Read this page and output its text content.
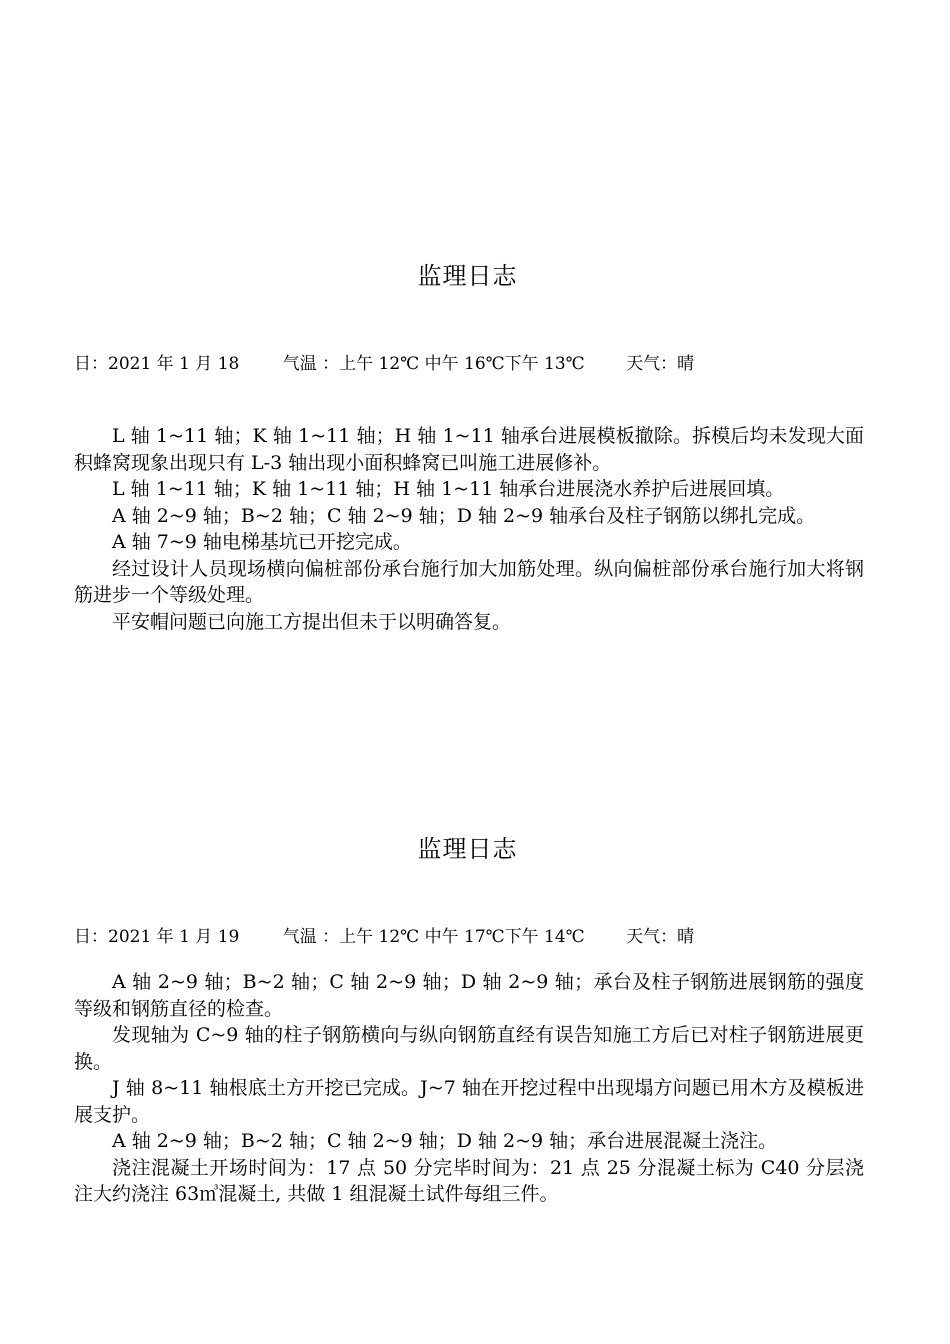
监理日志
日：2021 年 1 月 18	气温 ：上午 12℃ 中午 16℃下午 13℃ 天气：晴

L 轴 1~11 轴；K 轴 1~11 轴；H 轴 1~11 轴承台进展模板撤除。拆模后均未发现大面积蜂窝现象出现只有 L-3 轴出现小面积蜂窝已叫施工进展修补。

L 轴 1~11 轴；K 轴 1~11 轴；H 轴 1~11 轴承台进展浇水养护后进展回填。

A 轴 2~9 轴；B~2 轴；C 轴 2~9 轴；D 轴 2~9 轴承台及柱子钢筋以绑扎完成。

A 轴 7~9 轴电梯基坑已开挖完成。

经过设计人员现场横向偏桩部份承台施行加大加筋处理。纵向偏桩部份承台施行加大将钢筋进步一个等级处理。

平安帽问题已向施工方提出但未于以明确答复。

监理日志
日：2021 年 1 月 19	气温 ：上午 12℃ 中午 17℃下午 14℃ 天气：晴

A 轴 2~9 轴；B~2 轴；C 轴 2~9 轴；D 轴 2~9 轴；承台及柱子钢筋进展钢筋的强度等级和钢筋直径的检查。

发现轴为 C~9 轴的柱子钢筋横向与纵向钢筋直经有误告知施工方后已对柱子钢筋进展更换。

J 轴 8~11 轴根底土方开挖已完成。J~7 轴在开挖过程中出现塌方问题已用木方及模板进展支护。

A 轴 2~9 轴；B~2 轴；C 轴 2~9 轴；D 轴 2~9 轴；承台进展混凝土浇注。

浇注混凝土开场时间为：17 点 50 分完毕时间为：21 点 25 分混凝土标为 C40 分层浇注大约浇注 63㎥混凝土, 共做 1 组混凝土试件每组三件。
